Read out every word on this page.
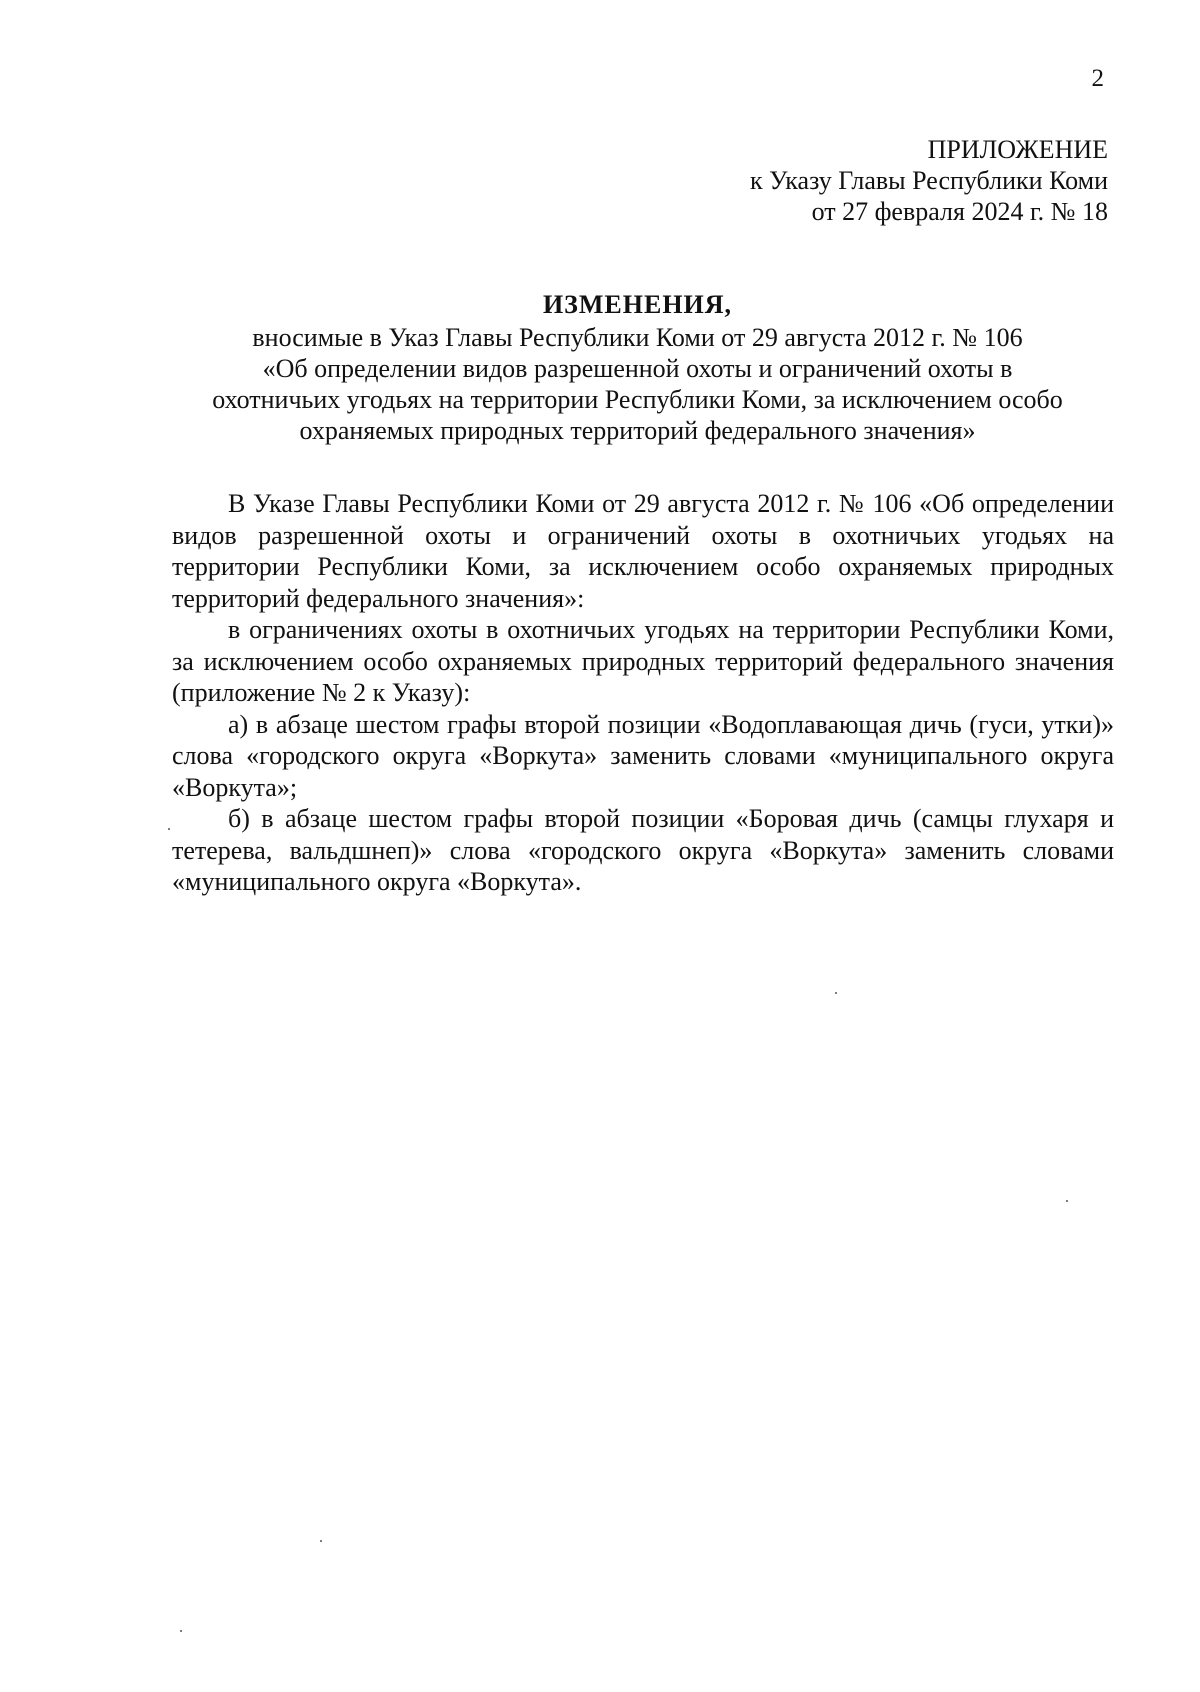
2
ПРИЛОЖЕНИЕ
к Указу Главы Республики Коми
от 27 февраля 2024 г. № 18
ИЗМЕНЕНИЯ,
вносимые в Указ Главы Республики Коми от 29 августа 2012 г. № 106
«Об определении видов разрешенной охоты и ограничений охоты в
охотничьих угодьях на территории Республики Коми, за исключением особо
охраняемых природных территорий федерального значения»

В Указе Главы Республики Коми от 29 августа 2012 г. № 106 «Об определении видов разрешенной охоты и ограничений охоты в охотничьих угодьях на территории Республики Коми, за исключением особо охраняемых природных территорий федерального значения»:

в ограничениях охоты в охотничьих угодьях на территории Республики Коми, за исключением особо охраняемых природных территорий федерального значения (приложение № 2 к Указу):

а) в абзаце шестом графы второй позиции «Водоплавающая дичь (гуси, утки)» слова «городского округа «Воркута» заменить словами «муниципального округа «Воркута»;

б) в абзаце шестом графы второй позиции «Боровая дичь (самцы глухаря и тетерева, вальдшнеп)» слова «городского округа «Воркута» заменить словами «муниципального округа «Воркута».
